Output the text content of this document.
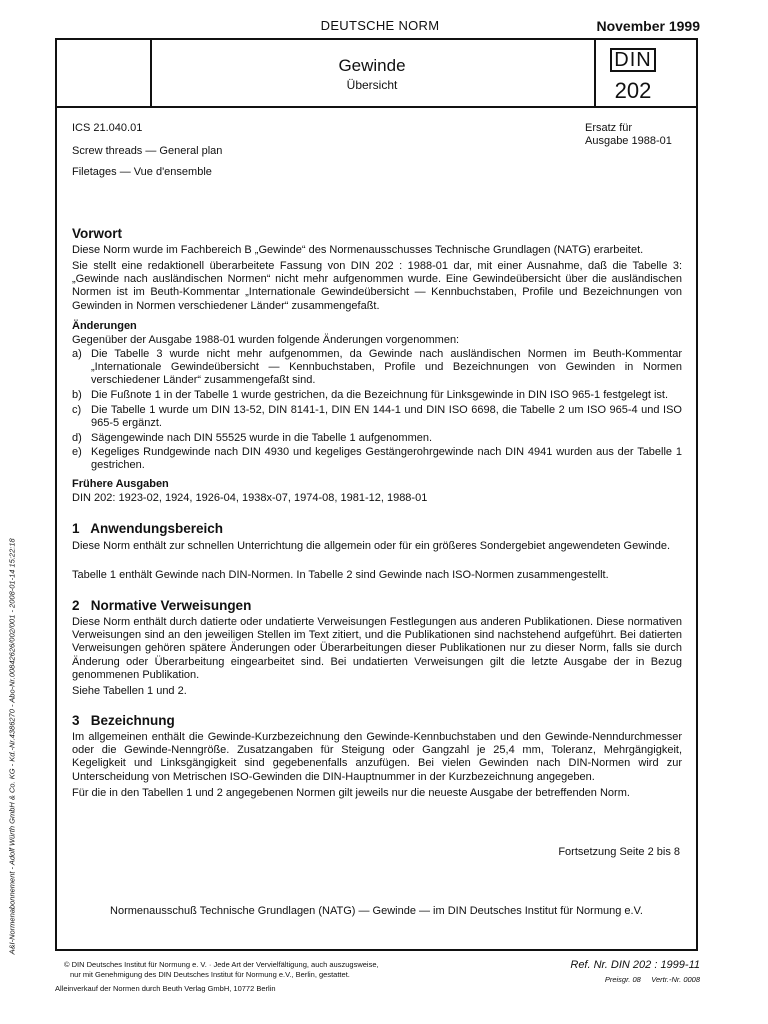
DEUTSCHE NORM	November 1999
Gewinde
Übersicht
DIN
202
ICS 21.040.01
Screw threads — General plan
Filetages — Vue d'ensemble
Ersatz für
Ausgabe 1988-01
Vorwort
Diese Norm wurde im Fachbereich B „Gewinde“ des Normenausschusses Technische Grundlagen (NATG) erarbeitet.
Sie stellt eine redaktionell überarbeitete Fassung von DIN 202 : 1988-01 dar, mit einer Ausnahme, daß die Tabelle 3: „Gewinde nach ausländischen Normen“ nicht mehr aufgenommen wurde. Eine Gewindeübersicht über die ausländischen Normen ist im Beuth-Kommentar „Internationale Gewindeübersicht — Kennbuchstaben, Profile und Bezeichnungen von Gewinden in Normen verschiedener Länder“ zusammengefaßt.
Änderungen
Gegenüber der Ausgabe 1988-01 wurden folgende Änderungen vorgenommen:
a) Die Tabelle 3 wurde nicht mehr aufgenommen, da Gewinde nach ausländischen Normen im Beuth-Kommentar „Internationale Gewindeübersicht — Kennbuchstaben, Profile und Bezeichnungen von Gewinden in Normen verschiedener Länder“ zusammengefaßt sind.
b) Die Fußnote 1 in der Tabelle 1 wurde gestrichen, da die Bezeichnung für Linksgewinde in DIN ISO 965-1 festgelegt ist.
c) Die Tabelle 1 wurde um DIN 13-52, DIN 8141-1, DIN EN 144-1 und DIN ISO 6698, die Tabelle 2 um ISO 965-4 und ISO 965-5 ergänzt.
d) Sägengewinde nach DIN 55525 wurde in die Tabelle 1 aufgenommen.
e) Kegeliges Rundgewinde nach DIN 4930 und kegeliges Gestängerohrgewinde nach DIN 4941 wurden aus der Tabelle 1 gestrichen.
Frühere Ausgaben
DIN 202: 1923-02, 1924, 1926-04, 1938x-07, 1974-08, 1981-12, 1988-01
1   Anwendungsbereich
Diese Norm enthält zur schnellen Unterrichtung die allgemein oder für ein größeres Sondergebiet angewendeten Gewinde.
Tabelle 1 enthält Gewinde nach DIN-Normen. In Tabelle 2 sind Gewinde nach ISO-Normen zusammengestellt.
2   Normative Verweisungen
Diese Norm enthält durch datierte oder undatierte Verweisungen Festlegungen aus anderen Publikationen. Diese normativen Verweisungen sind an den jeweiligen Stellen im Text zitiert, und die Publikationen sind nachstehend aufgeführt. Bei datierten Verweisungen gehören spätere Änderungen oder Überarbeitungen dieser Publikationen nur zu dieser Norm, falls sie durch Änderung oder Überarbeitung eingearbeitet sind. Bei undatierten Verweisungen gilt die letzte Ausgabe der in Bezug genommenen Publikation.
Siehe Tabellen 1 und 2.
3   Bezeichnung
Im allgemeinen enthält die Gewinde-Kurzbezeichnung den Gewinde-Kennbuchstaben und den Gewinde-Nenndurchmesser oder die Gewinde-Nenngröße. Zusatzangaben für Steigung oder Gangzahl je 25,4 mm, Toleranz, Mehrgängigkeit, Kegeligkeit und Linksgängigkeit sind gegebenenfalls anzufügen. Bei vielen Gewinden nach DIN-Normen wird zur Unterscheidung von Metrischen ISO-Gewinden die DIN-Hauptnummer in der Kurzbezeichnung angegeben.
Für die in den Tabellen 1 und 2 angegebenen Normen gilt jeweils nur die neueste Ausgabe der betreffenden Norm.
Fortsetzung Seite 2 bis 8
Normenausschuß Technische Grundlagen (NATG) — Gewinde — im DIN Deutsches Institut für Normung e.V.
© DIN Deutsches Institut für Normung e. V. · Jede Art der Vervielfältigung, auch auszugsweise,
nur mit Genehmigung des DIN Deutsches Institut für Normung e.V., Berlin, gestattet.
Ref. Nr. DIN 202 : 1999-11
Preisgr. 08     Vertr.-Nr. 0008
Alleinverkauf der Normen durch Beuth Verlag GmbH, 10772 Berlin
A&I-Normenabonnement - Adolf Würth GmbH & Co. KG - Kd.-Nr.4386270 - Abo-Nr.00842626/002/001 - 2008-01-14 15:22:18
